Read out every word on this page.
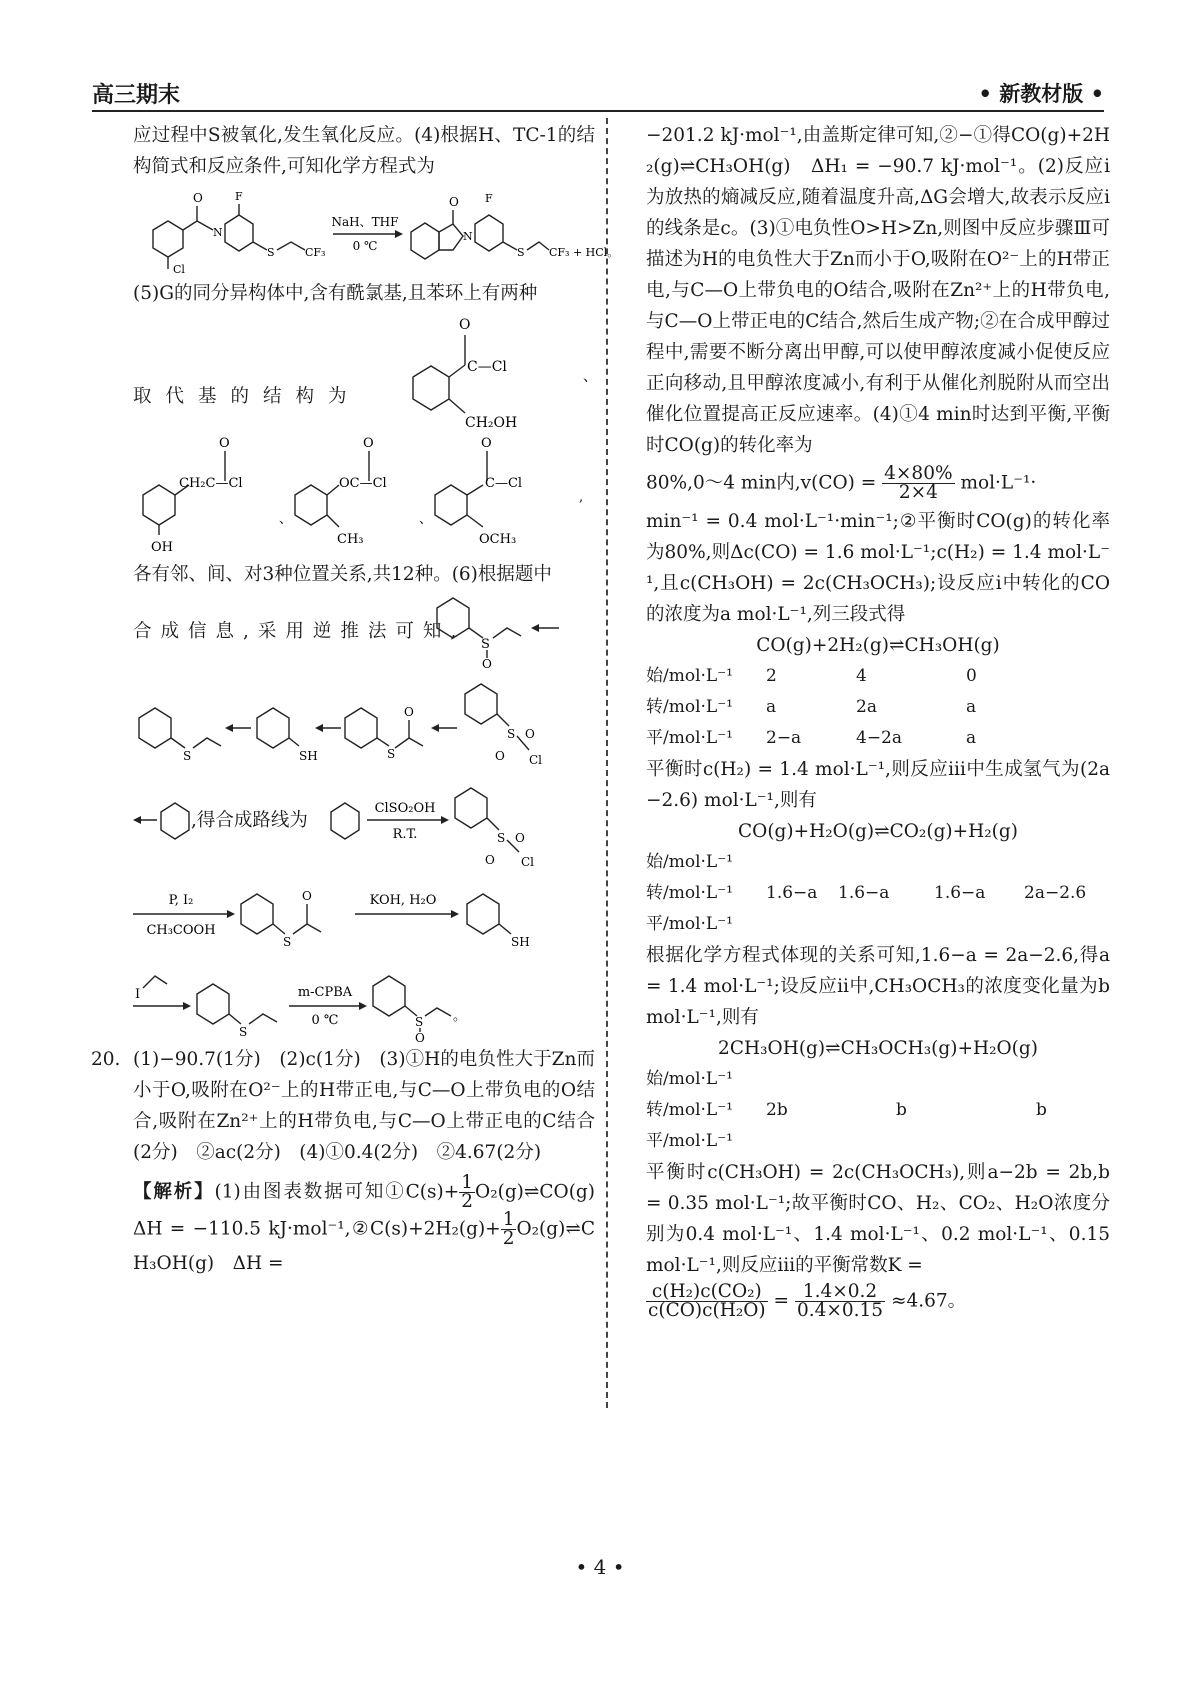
高三期末	• 新教材版 •

应过程中S被氧化,发生氧化反应。(4)根据H、TC-1的结构简式和反应条件,可知化学方程式为

O
N
Cl
F
S	CF₃
NaH、THF
0 ℃
O
N
F
S CF₃ + HCl。

(5)G的同分异构体中,含有酰氯基,且苯环上有两种

取代基的结构为
O
C—Cl
CH₂OH
、
O
CH₂C—Cl
OH
、
O
OC—Cl
CH₃
、
O
C—Cl
OCH₃
,

各有邻、间、对3种位置关系,共12种。(6)根据题中

合成信息,采用逆推法可知,
S
O
S	SH	S
O
S
O
O
Cl
ClSO₂OH
R.T.	S
O
O
Cl
,得合成路线为
P, I₂
CH₃COOH
S
O	KOH, H₂O
SH
I
S
m-CPBA
0 ℃	S
O
。
20. (1)−90.7(1分)　(2)c(1分)　(3)①H的电负性大于Zn而小于O,吸附在O²⁻上的H带正电,与C—O上带负电的O结合,吸附在Zn²⁺上的H带负电,与C—O上带正电的C结合(2分)　②ac(2分)　(4)①0.4(2分)　②4.67(2分)

【解析】(1)由图表数据可知①C(s)+ $\frac{1}{2}$ O₂(g)⇌CO(g)　ΔH = −110.5 kJ·mol⁻¹,②C(s)+2H₂(g)+ $\frac{1}{2}$ O₂(g)⇌CH₃OH(g)　ΔH =

−201.2 kJ·mol⁻¹,由盖斯定律可知,②−①得CO(g)+2H₂(g)⇌CH₃OH(g)　ΔH₁ = −90.7 kJ·mol⁻¹。(2)反应ⅰ为放热的熵减反应,随着温度升高,ΔG会增大,故表示反应ⅰ的线条是c。(3)①电负性O>H>Zn,则图中反应步骤Ⅲ可描述为H的电负性大于Zn而小于O,吸附在O²⁻上的H带正电,与C—O上带负电的O结合,吸附在Zn²⁺上的H带负电,与C—O上带正电的C结合,然后生成产物;②在合成甲醇过程中,需要不断分离出甲醇,可以使甲醇浓度减小促使反应正向移动,且甲醇浓度减小,有利于从催化剂脱附从而空出催化位置提高正反应速率。(4)①4 min时达到平衡,平衡时CO(g)的转化率为

80%,0～4 min内$,v(CO) = \frac{4\times 80\%}{2\times 4} mol\cdot L^{-1}\cdot$

min⁻¹ = 0.4 mol·L⁻¹·min⁻¹;②平衡时CO(g)的转化率为80%,则Δc(CO) = 1.6 mol·L⁻¹;c(H₂) = 1.4 mol·L⁻¹,且c(CH₃OH) = 2c(CH₃OCH₃);设反应ⅰ中转化的CO的浓度为a mol·L⁻¹,列三段式得

CO(g)+2H₂(g)⇌CH₃OH(g)

始/mol·L⁻¹	2	4	0
转/mol·L⁻¹	a	2a	a
平/mol·L⁻¹	2−a	4−2a	a

平衡时c(H₂) = 1.4 mol·L⁻¹,则反应ⅲ中生成氢气为(2a−2.6) mol·L⁻¹,则有

CO(g)+H₂O(g)⇌CO₂(g)+H₂(g)

始/mol·L⁻¹				
转/mol·L⁻¹	1.6−a	1.6−a	1.6−a	2a−2.6
平/mol·L⁻¹				

根据化学方程式体现的关系可知,1.6−a = 2a−2.6,得a = 1.4 mol·L⁻¹;设反应ⅱ中,CH₃OCH₃的浓度变化量为b mol·L⁻¹,则有

2CH₃OH(g)⇌CH₃OCH₃(g)+H₂O(g)

始/mol·L⁻¹			
转/mol·L⁻¹	2b	b	b
平/mol·L⁻¹			

平衡时c(CH₃OH) = 2c(CH₃OCH₃),则a−2b = 2b,b = 0.35 mol·L⁻¹;故平衡时CO、H₂、CO₂、H₂O浓度分别为0.4 mol·L⁻¹、1.4 mol·L⁻¹、0.2 mol·L⁻¹、0.15 mol·L⁻¹,则反应ⅲ的平衡常数K =

$\frac{\text{c(H₂)c(CO₂)}}{\text{c(CO)c(H₂O)}} = \frac{1.4\times 0.2}{0.4\times 0.15} \approx 4.67$。

• 4 •
